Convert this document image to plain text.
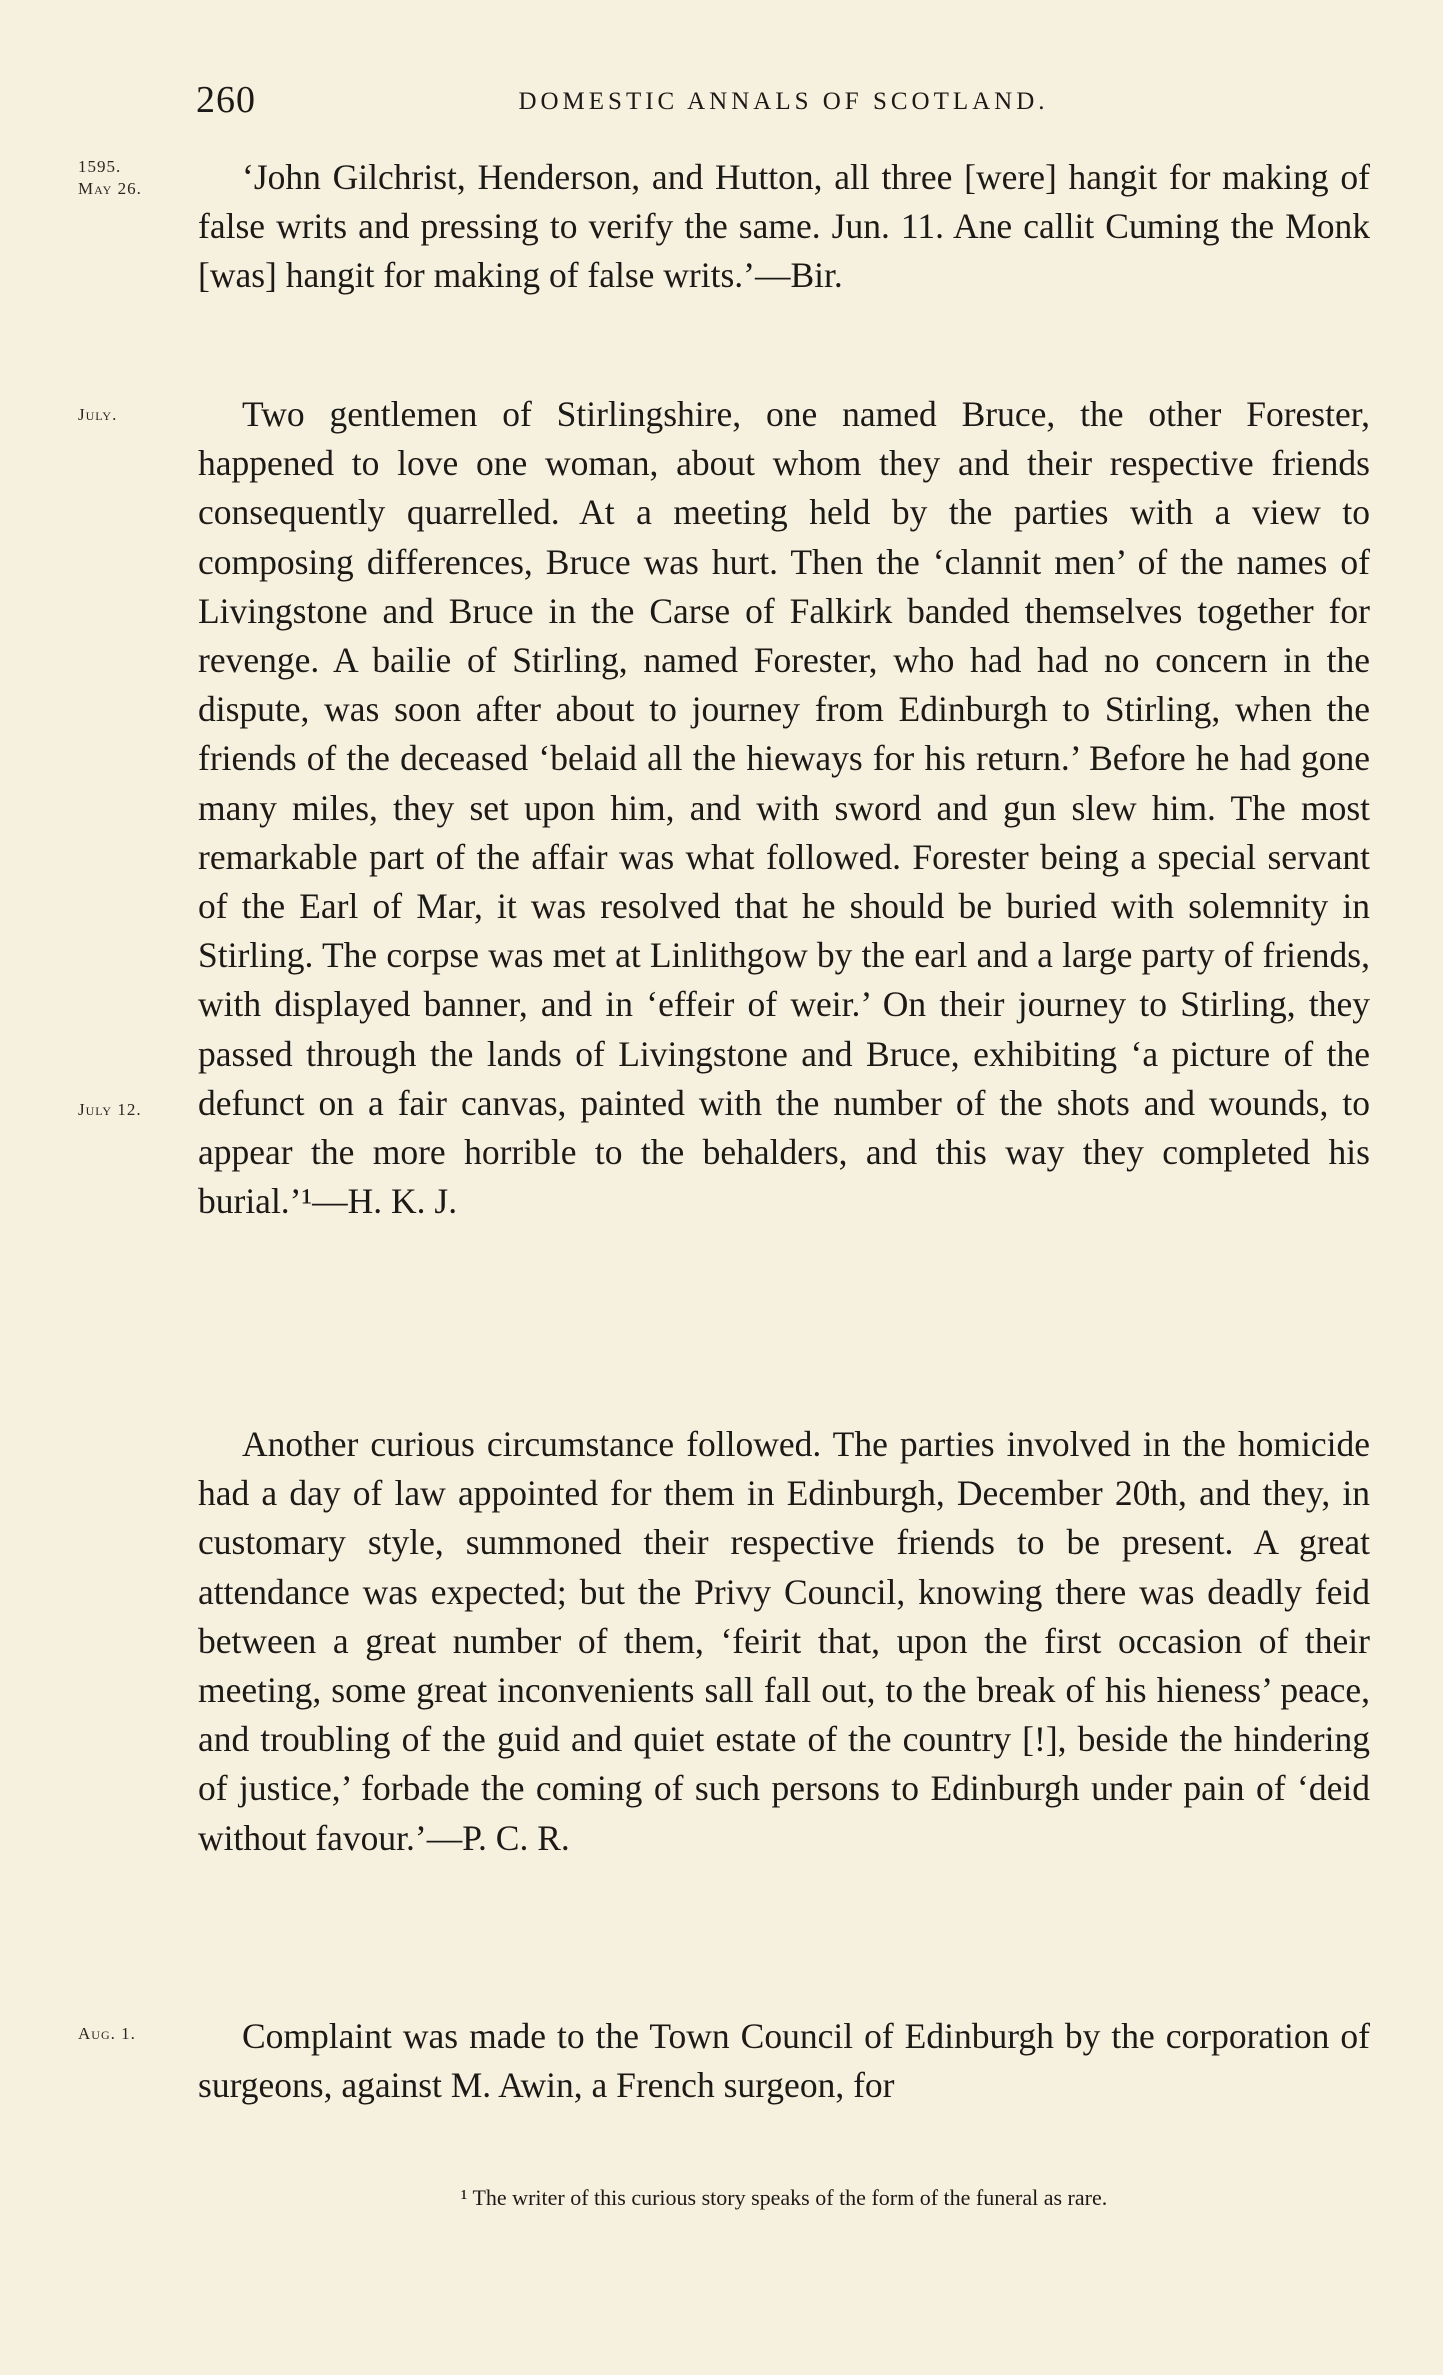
260	DOMESTIC ANNALS OF SCOTLAND.
1595.
May 26.
July.
July 12.
Aug. 1.

‘John Gilchrist, Henderson, and Hutton, all three [were] hangit for making of false writs and pressing to verify the same. Jun. 11. Ane callit Cuming the Monk [was] hangit for making of false writs.’—Bir.

Two gentlemen of Stirlingshire, one named Bruce, the other Forester, happened to love one woman, about whom they and their respective friends consequently quarrelled. At a meeting held by the parties with a view to composing differences, Bruce was hurt. Then the ‘clannit men’ of the names of Livingstone and Bruce in the Carse of Falkirk banded themselves together for revenge. A bailie of Stirling, named Forester, who had had no concern in the dispute, was soon after about to journey from Edinburgh to Stirling, when the friends of the deceased ‘belaid all the hieways for his return.’ Before he had gone many miles, they set upon him, and with sword and gun slew him. The most remarkable part of the affair was what followed. Forester being a special servant of the Earl of Mar, it was resolved that he should be buried with solemnity in Stirling. The corpse was met at Linlithgow by the earl and a large party of friends, with displayed banner, and in ‘effeir of weir.’ On their journey to Stirling, they passed through the lands of Livingstone and Bruce, exhibiting ‘a picture of the defunct on a fair canvas, painted with the number of the shots and wounds, to appear the more horrible to the behalders, and this way they completed his burial.’¹—H. K. J.

Another curious circumstance followed. The parties involved in the homicide had a day of law appointed for them in Edinburgh, December 20th, and they, in customary style, summoned their respective friends to be present. A great attendance was expected; but the Privy Council, knowing there was deadly feid between a great number of them, ‘feirit that, upon the first occasion of their meeting, some great inconvenients sall fall out, to the break of his hieness’ peace, and troubling of the guid and quiet estate of the country [!], beside the hindering of justice,’ forbade the coming of such persons to Edinburgh under pain of ‘deid without favour.’—P. C. R.

Complaint was made to the Town Council of Edinburgh by the corporation of surgeons, against M. Awin, a French surgeon, for

¹ The writer of this curious story speaks of the form of the funeral as rare.
